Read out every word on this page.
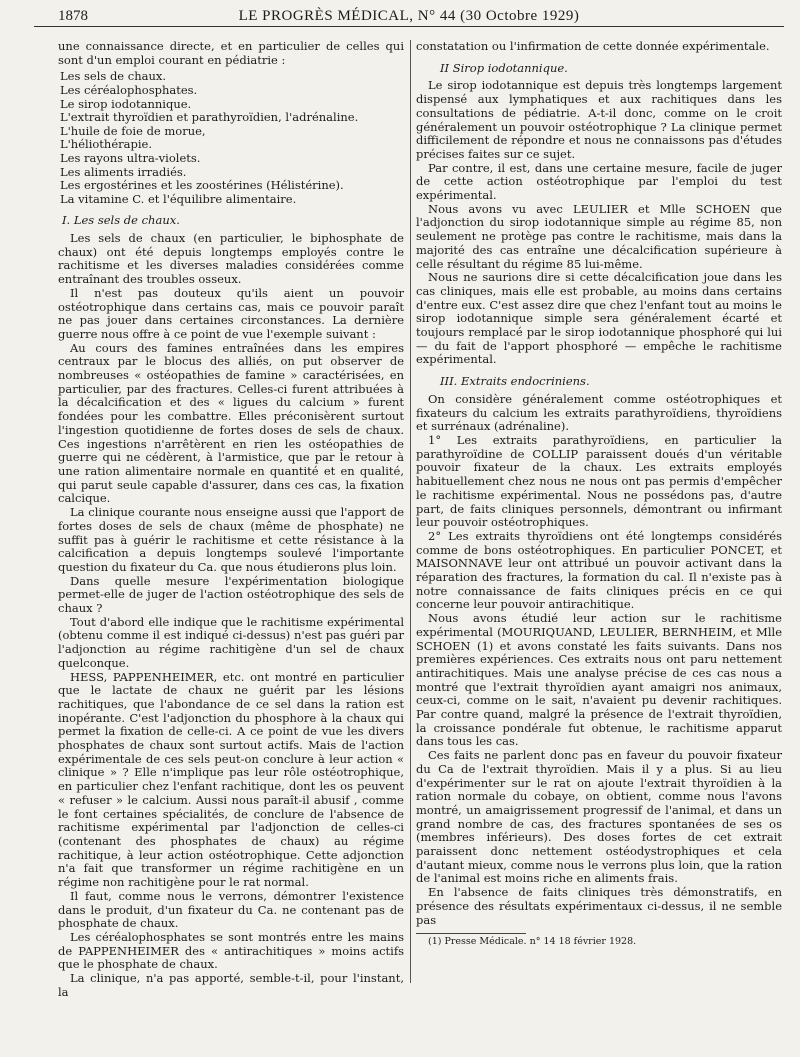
1878	LE PROGRÈS MÉDICAL, N° 44 (30 Octobre 1929)

une connaissance directe, et en particulier de celles qui sont d'un emploi courant en pédiatrie :

Les sels de chaux.
Les céréalophosphates.
Le sirop iodotannique.
L'extrait thyroïdien et parathyroïdien, l'adrénaline.
L'huile de foie de morue,
L'héliothérapie.
Les rayons ultra-violets.
Les aliments irradiés.
Les ergostérines et les zoostérines (Hélistérine).
La vitamine C. et l'équilibre alimentaire.
I. Les sels de chaux.

Les sels de chaux (en particulier, le biphosphate de chaux) ont été depuis longtemps employés contre le rachitisme et les diverses maladies considérées comme entraînant des troubles osseux.

Il n'est pas douteux qu'ils aient un pouvoir ostéotrophique dans certains cas, mais ce pouvoir paraît ne pas jouer dans certaines circonstances. La dernière guerre nous offre à ce point de vue l'exemple suivant :

Au cours des famines entraînées dans les empires centraux par le blocus des alliés, on put observer de nombreuses « ostéopathies de famine » caractérisées, en particulier, par des fractures. Celles-ci furent attribuées à la décalcification et des « ligues du calcium » furent fondées pour les combattre. Elles préconisèrent surtout l'ingestion quotidienne de fortes doses de sels de chaux. Ces ingestions n'arrêtèrent en rien les ostéopathies de guerre qui ne cédèrent, à l'armistice, que par le retour à une ration alimentaire normale en quantité et en qualité, qui parut seule capable d'assurer, dans ces cas, la fixation calcique.

La clinique courante nous enseigne aussi que l'apport de fortes doses de sels de chaux (même de phosphate) ne suffit pas à guérir le rachitisme et cette résistance à la calcification a depuis longtemps soulevé l'importante question du fixateur du Ca. que nous étudierons plus loin.

Dans quelle mesure l'expérimentation biologique permet-elle de juger de l'action ostéotrophique des sels de chaux ?

Tout d'abord elle indique que le rachitisme expérimental (obtenu comme il est indiqué ci-dessus) n'est pas guéri par l'adjonction au régime rachitigène d'un sel de chaux quelconque.

HESS, PAPPENHEIMER, etc. ont montré en particulier que le lactate de chaux ne guérit par les lésions rachitiques, que l'abondance de ce sel dans la ration est inopérante. C'est l'adjonction du phosphore à la chaux qui permet la fixation de celle-ci. A ce point de vue les divers phosphates de chaux sont surtout actifs. Mais de l'action expérimentale de ces sels peut-on conclure à leur action « clinique » ? Elle n'implique pas leur rôle ostéotrophique, en particulier chez l'enfant rachitique, dont les os peuvent « refuser » le calcium. Aussi nous paraît-il abusif , comme le font certaines spécialités, de conclure de l'absence de rachitisme expérimental par l'adjonction de celles-ci (contenant des phosphates de chaux) au régime rachitique, à leur action ostéotrophique. Cette adjonction n'a fait que transformer un régime rachitigène en un régime non rachitigène pour le rat normal.

Il faut, comme nous le verrons, démontrer l'existence dans le produit, d'un fixateur du Ca. ne contenant pas de phosphate de chaux.

Les céréalophosphates se sont montrés entre les mains de PAPPENHEIMER des « antirachitiques » moins actifs que le phosphate de chaux.

La clinique, n'a pas apporté, semble-t-il, pour l'instant, la

constatation ou l'infirmation de cette donnée expérimentale.

II Sirop iodotannique.

Le sirop iodotannique est depuis très longtemps largement dispensé aux lymphatiques et aux rachitiques dans les consultations de pédiatrie. A-t-il donc, comme on le croit généralement un pouvoir ostéotrophique ? La clinique permet difficilement de répondre et nous ne connaissons pas d'études précises faites sur ce sujet.

Par contre, il est, dans une certaine mesure, facile de juger de cette action ostéotrophique par l'emploi du test expérimental.

Nous avons vu avec LEULIER et Mlle SCHOEN que l'adjonction du sirop iodotannique simple au régime 85, non seulement ne protège pas contre le rachitisme, mais dans la majorité des cas entraîne une décalcification supérieure à celle résultant du régime 85 lui-même.

Nous ne saurions dire si cette décalcification joue dans les cas cliniques, mais elle est probable, au moins dans certains d'entre eux. C'est assez dire que chez l'enfant tout au moins le sirop iodotannique simple sera généralement écarté et toujours remplacé par le sirop iodotannique phosphoré qui lui — du fait de l'apport phosphoré — empêche le rachitisme expérimental.

III. Extraits endocriniens.

On considère généralement comme ostéotrophiques et fixateurs du calcium les extraits parathyroïdiens, thyroïdiens et surrénaux (adrénaline).

1° Les extraits parathyroïdiens, en particulier la parathyroïdine de COLLIP paraissent doués d'un véritable pouvoir fixateur de la chaux. Les extraits employés habituellement chez nous ne nous ont pas permis d'empêcher le rachitisme expérimental. Nous ne possédons pas, d'autre part, de faits cliniques personnels, démontrant ou infirmant leur pouvoir ostéotrophiques.

2° Les extraits thyroïdiens ont été longtemps considérés comme de bons ostéotrophiques. En particulier PONCET, et MAISONNAVE leur ont attribué un pouvoir activant dans la réparation des fractures, la formation du cal. Il n'existe pas à notre connaissance de faits cliniques précis en ce qui concerne leur pouvoir antirachitique.

Nous avons étudié leur action sur le rachitisme expérimental (MOURIQUAND, LEULIER, BERNHEIM, et Mlle SCHOEN (1) et avons constaté les faits suivants. Dans nos premières expériences. Ces extraits nous ont paru nettement antirachitiques. Mais une analyse précise de ces cas nous a montré que l'extrait thyroïdien ayant amaigri nos animaux, ceux-ci, comme on le sait, n'avaient pu devenir rachitiques. Par contre quand, malgré la présence de l'extrait thyroïdien, la croissance pondérale fut obtenue, le rachitisme apparut dans tous les cas.

Ces faits ne parlent donc pas en faveur du pouvoir fixateur du Ca de l'extrait thyroïdien. Mais il y a plus. Si au lieu d'expérimenter sur le rat on ajoute l'extrait thyroïdien à la ration normale du cobaye, on obtient, comme nous l'avons montré, un amaigrissement progressif de l'animal, et dans un grand nombre de cas, des fractures spontanées de ses os (membres inférieurs). Des doses fortes de cet extrait paraissent donc nettement ostéodystrophiques et cela d'autant mieux, comme nous le verrons plus loin, que la ration de l'animal est moins riche en aliments frais.

En l'absence de faits cliniques très démonstratifs, en présence des résultats expérimentaux ci-dessus, il ne semble pas

(1) Presse Médicale. n° 14 18 février 1928.
